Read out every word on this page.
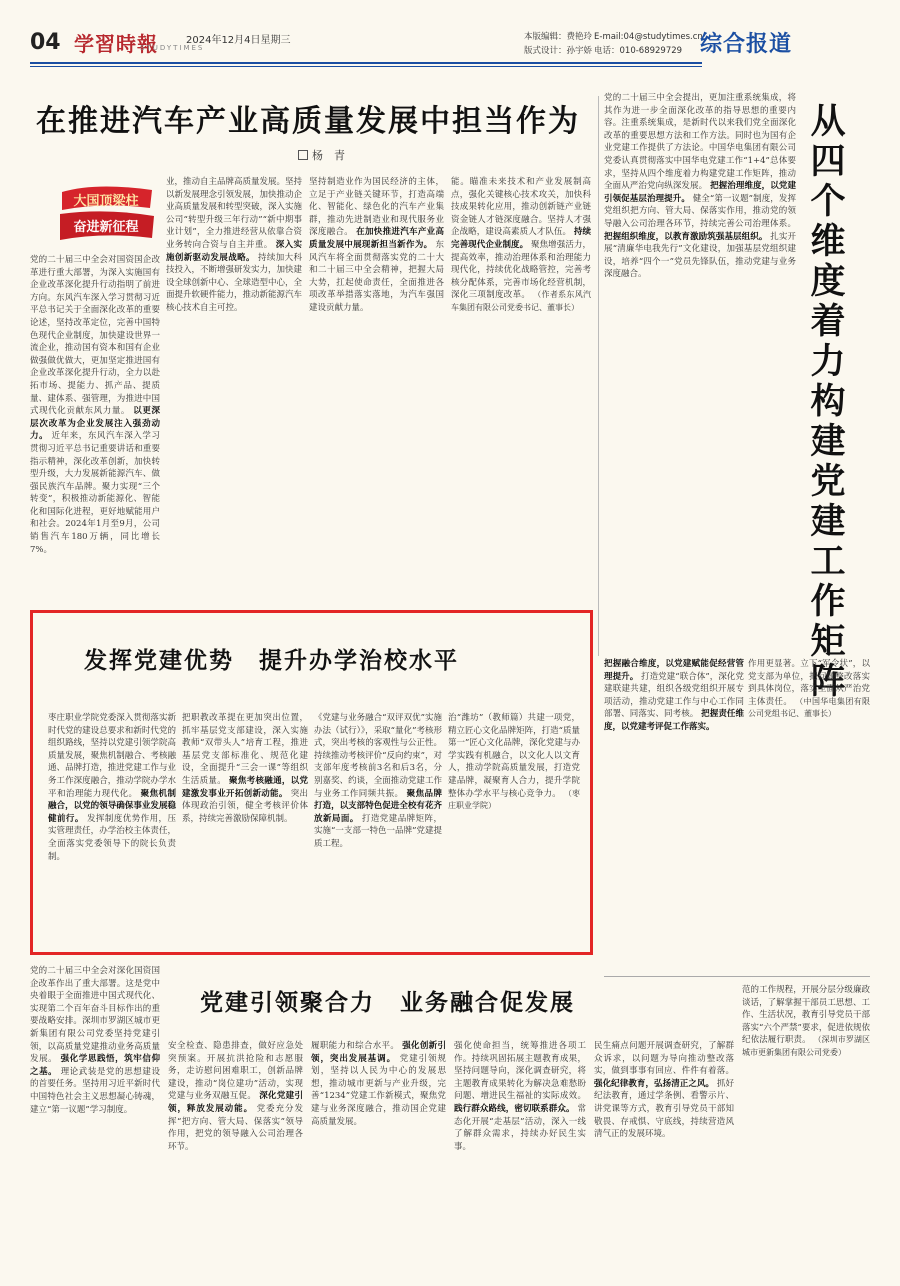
04 学習時報
STUDYTIMES
2024年12月4日星期三	本版编辑：费艳玲
版式设计：孙宇娇
E-mail:04@studytimes.cn
电话：010-68929729 综合报道
在推进汽车产业高质量发展中担当作为
杨　青
大国顶梁柱
奋进新征程
党的二十届三中全会对国资国企改革进行重大部署，为深入实施国有企业改革深化提升行动指明了前进方向。东风汽车深入学习贯彻习近平总书记关于全面深化改革的重要论述，坚持改革定位，完善中国特色现代企业制度，加快建设世界一流企业，推动国有资本和国有企业做强做优做大，更加坚定推进国有企业改革深化提升行动，全力以赴拓市场、提能力、抓产品、提质量、建体系、强管理，为推进中国式现代化贡献东风力量。 以更深层次改革为企业发展注入强劲动力。 近年来，东风汽车深入学习贯彻习近平总书记重要讲话和重要指示精神，深化改革创新，加快转型升级，大力发展新能源汽车、做强民族汽车品牌。聚力实现“三个转变”，积极推动新能源化、智能化和国际化进程，更好地赋能用户和社会。2024年1月至9月，公司销售汽车180万辆，同比增长7%。
业，推动自主品牌高质量发展。坚持以新发展理念引领发展，加快推动企业高质量发展和转型突破，深入实施公司“转型升级三年行动”“新中期事业计划”，全力推进经营从依靠合资业务转向合资与自主并重。 深入实施创新驱动发展战略。 持续加大科技投入，不断增强研发实力，加快建设全球创新中心、全球造型中心，全面提升软硬件能力，推动新能源汽车核心技术自主可控。
坚持制造业作为国民经济的主体，立足于产业链关键环节，打造高端化、智能化、绿色化的汽车产业集群，推动先进制造业和现代服务业深度融合。 在加快推进汽车产业高质量发展中展现新担当新作为。 东风汽车将全面贯彻落实党的二十大和二十届三中全会精神，把握大局大势，扛起使命责任，全面推进各项改革举措落实落地，为汽车强国建设贡献力量。
能。瞄准未来技术和产业发展制高点，强化关键核心技术攻关，加快科技成果转化应用，推动创新链产业链资金链人才链深度融合。坚持人才强企战略，建设高素质人才队伍。 持续完善现代企业制度。 聚焦增强活力，提高效率，推动治理体系和治理能力现代化，持续优化战略管控，完善考核分配体系，完善市场化经营机制，深化三项制度改革。 （作者系东风汽车集团有限公司党委书记、董事长）
从四个维度着力构建党建工作矩阵
党的二十届三中全会提出，更加注重系统集成，将其作为进一步全面深化改革的指导思想的重要内容。注重系统集成，是新时代以来我们党全面深化改革的重要思想方法和工作方法。同时也为国有企业党建工作提供了方法论。中国华电集团有限公司党委认真贯彻落实中国华电党建工作“1+4”总体要求，坚持从四个维度着力构建党建工作矩阵，推动全面从严治党向纵深发展。 把握治理维度，以党建引领促基层治理提升。 健全“第一议题”制度，发挥党组织把方向、管大局、保落实作用，推动党的领导融入公司治理各环节，持续完善公司治理体系。 把握组织维度，以教育激励筑强基层组织。 扎实开展“清廉华电我先行”文化建设，加强基层党组织建设，培养“四个一”党员先锋队伍，推动党建与业务深度融合。
把握融合维度，以党建赋能促经营管理提升。 打造党建“联合体”，深化党建联建共建，组织各级党组织开展专项活动，推动党建工作与中心工作同部署、同落实、同考核。 把握责任维度，以党建考评促工作落实。
作用更显著。立下“军令状”，以党支部为单位，把问题整改落实到具体岗位，落实全面从严治党主体责任。 （中国华电集团有限公司党组书记、董事长）
发挥党建优势　提升办学治校水平
枣庄职业学院党委深入贯彻落实新时代党的建设总要求和新时代党的组织路线，坚持以党建引领学院高质量发展，聚焦机制融合、考核融通、品牌打造，推进党建工作与业务工作深度融合，推动学院办学水平和治理能力现代化。 聚焦机制融合，以党的领导确保事业发展稳健前行。 发挥制度优势作用，压实管理责任，办学治校主体责任，全面落实党委领导下的院长负责制。
把职教改革提在更加突出位置，抓牢基层党支部建设，深入实施教师“双带头人”培育工程，推进基层党支部标准化、规范化建设，全面提升“三会一课”等组织生活质量。 聚焦考核融通，以党建激发事业开拓创新动能。 突出体现政治引领，健全考核评价体系，持续完善激励保障机制。
《党建与业务融合“双评双优”实施办法（试行）》，采取“量化”考核形式，突出考核的客观性与公正性。持续推动考核评价“反向约束”，对支部年度考核前3名和后3名，分别嘉奖、约谈，全面推动党建工作与业务工作同频共振。 聚焦品牌打造，以支部特色促进全校有花齐放新局面。 打造党建品牌矩阵，实施“一支部一特色一品牌”党建提质工程。
治“潍坊”（教师篇）共建一项党，精立匠心文化品牌矩阵，打造“质量第一”匠心文化品牌，深化党建与办学实践有机融合，以文化人以文育人，推动学院高质量发展，打造党建品牌，凝聚育人合力，提升学院整体办学水平与核心竞争力。 （枣庄职业学院）
党建引领聚合力　业务融合促发展
党的二十届三中全会对深化国资国企改革作出了重大部署。这是党中央着眼于全面推进中国式现代化、实现第二个百年奋斗目标作出的重要战略安排。深圳市罗湖区城市更新集团有限公司党委坚持党建引领，以高质量党建推动业务高质量发展。 强化学思践悟，筑牢信仰之基。 理论武装是党的思想建设的首要任务。坚持用习近平新时代中国特色社会主义思想凝心铸魂，建立“第一议题”学习制度。
安全检查、隐患排查，做好应急处突预案。开展抗洪抢险和志愿服务，走访慰问困难职工，创新品牌建设，推动“岗位建功”活动，实现党建与业务双融互促。 深化党建引领，释放发展动能。 党委充分发挥“把方向、管大局、保落实”领导作用，把党的领导融入公司治理各环节。
履职能力和综合水平。 强化创新引领，突出发展基调。 党建引领规划，坚持以人民为中心的发展思想，推动城市更新与产业升级，完善“1234”党建工作新模式，聚焦党建与业务深度融合，推动国企党建高质量发展。
强化使命担当，统筹推进各项工作。持续巩固拓展主题教育成果，坚持问题导向，深化调查研究，将主题教育成果转化为解决急难愁盼问题、增进民生福祉的实际成效。 践行群众路线，密切联系群众。 常态化开展“走基层”活动，深入一线了解群众需求，持续办好民生实事。
民生痛点问题开展调查研究，了解群众诉求，以问题为导向推动整改落实，做到事事有回应、件件有着落。 强化纪律教育，弘扬清正之风。 抓好纪法教育，通过学条例、看警示片、讲党课等方式，教育引导党员干部知敬畏、存戒惧、守底线，持续营造风清气正的发展环境。
范的工作规程，开展分层分级廉政谈话，了解掌握干部员工思想、工作、生活状况，教育引导党员干部落实“六个严禁”要求，促进依规依纪依法履行职责。 （深圳市罗湖区城市更新集团有限公司党委）
